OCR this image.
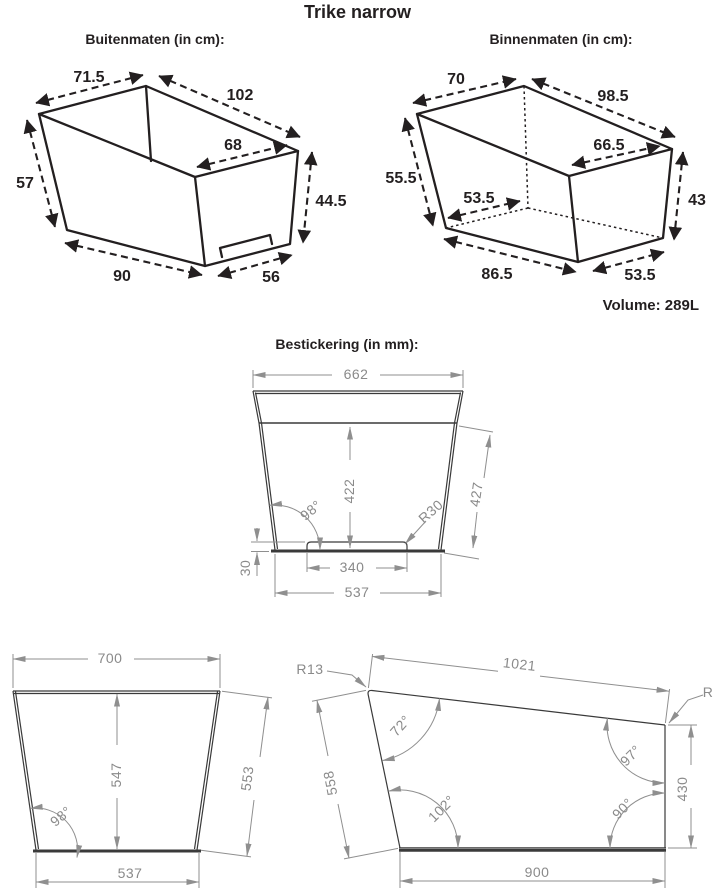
Trike narrow
Buitenmaten (in cm):	Binnenmaten (in cm):
Bestickering (in mm):
Volume: 289L
71.5
102
68
57
44.5
90	56
70
98.5
66.5
55.5
53.5	43
86.5	53.5
662
422	427
98°	R30
340
537
30
700
547	553
98°
537
1021
R13
R
72°
97°
558
102°	90°
430
900
